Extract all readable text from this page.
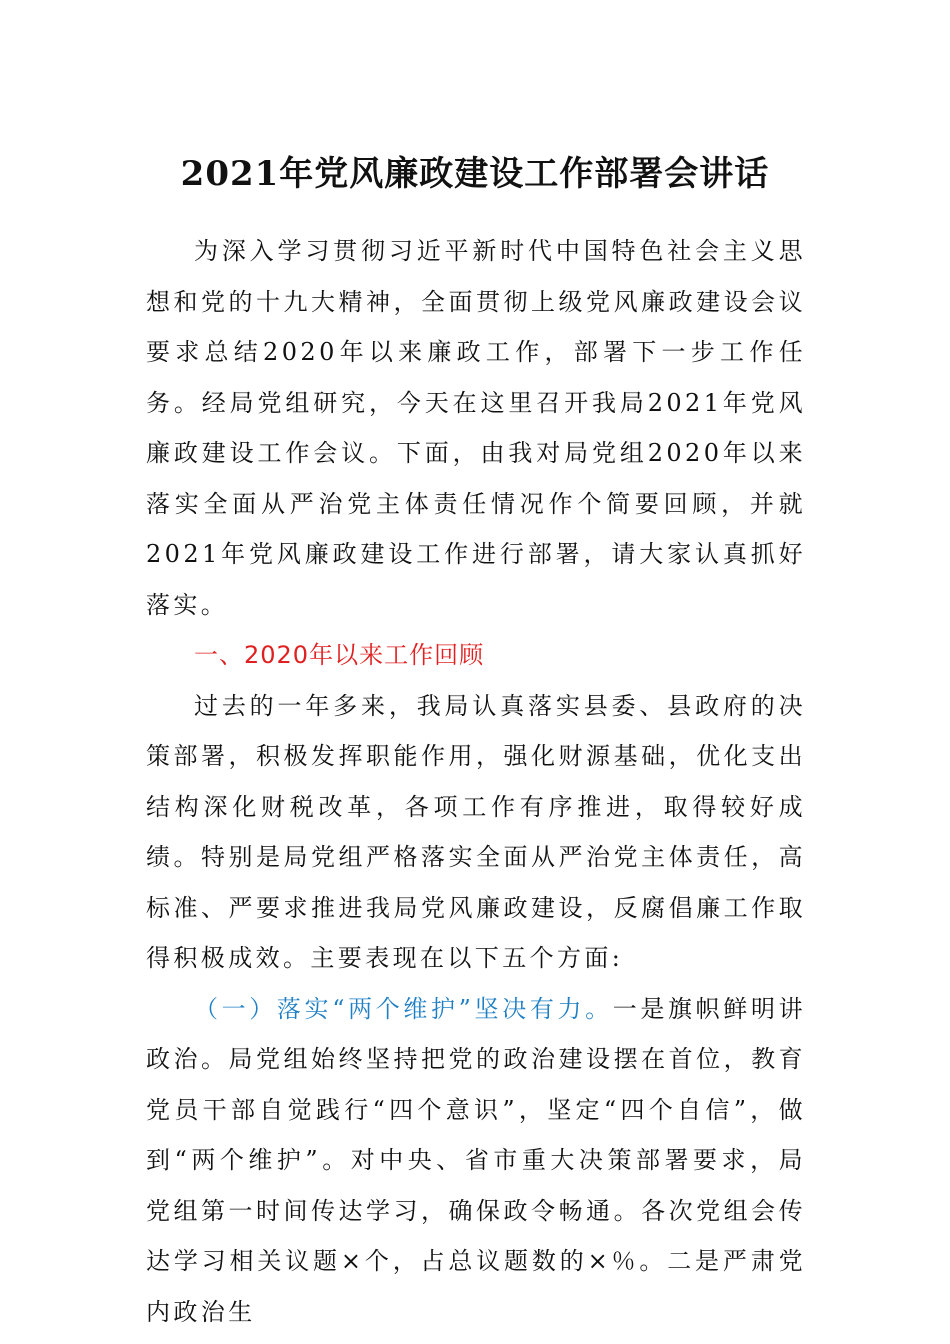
2021年党风廉政建设工作部署会讲话

为深入学习贯彻习近平新时代中国特色社会主义思想和党的十九大精神，全面贯彻上级党风廉政建设会议要求总结2020年以来廉政工作，部署下一步工作任务。经局党组研究，今天在这里召开我局2021年党风廉政建设工作会议。下面，由我对局党组2020年以来落实全面从严治党主体责任情况作个简要回顾，并就2021年党风廉政建设工作进行部署，请大家认真抓好落实。

一、2020年以来工作回顾

过去的一年多来，我局认真落实县委、县政府的决策部署，积极发挥职能作用，强化财源基础，优化支出结构深化财税改革，各项工作有序推进，取得较好成绩。特别是局党组严格落实全面从严治党主体责任，高标准、严要求推进我局党风廉政建设，反腐倡廉工作取得积极成效。主要表现在以下五个方面:

（一）落实“两个维护”坚决有力。一是旗帜鲜明讲政治。局党组始终坚持把党的政治建设摆在首位，教育党员干部自觉践行“四个意识”，坚定“四个自信”，做到“两个维护”。对中央、省市重大决策部署要求，局党组第一时间传达学习，确保政令畅通。各次党组会传达学习相关议题×个，占总议题数的×％。二是严肃党内政治生
